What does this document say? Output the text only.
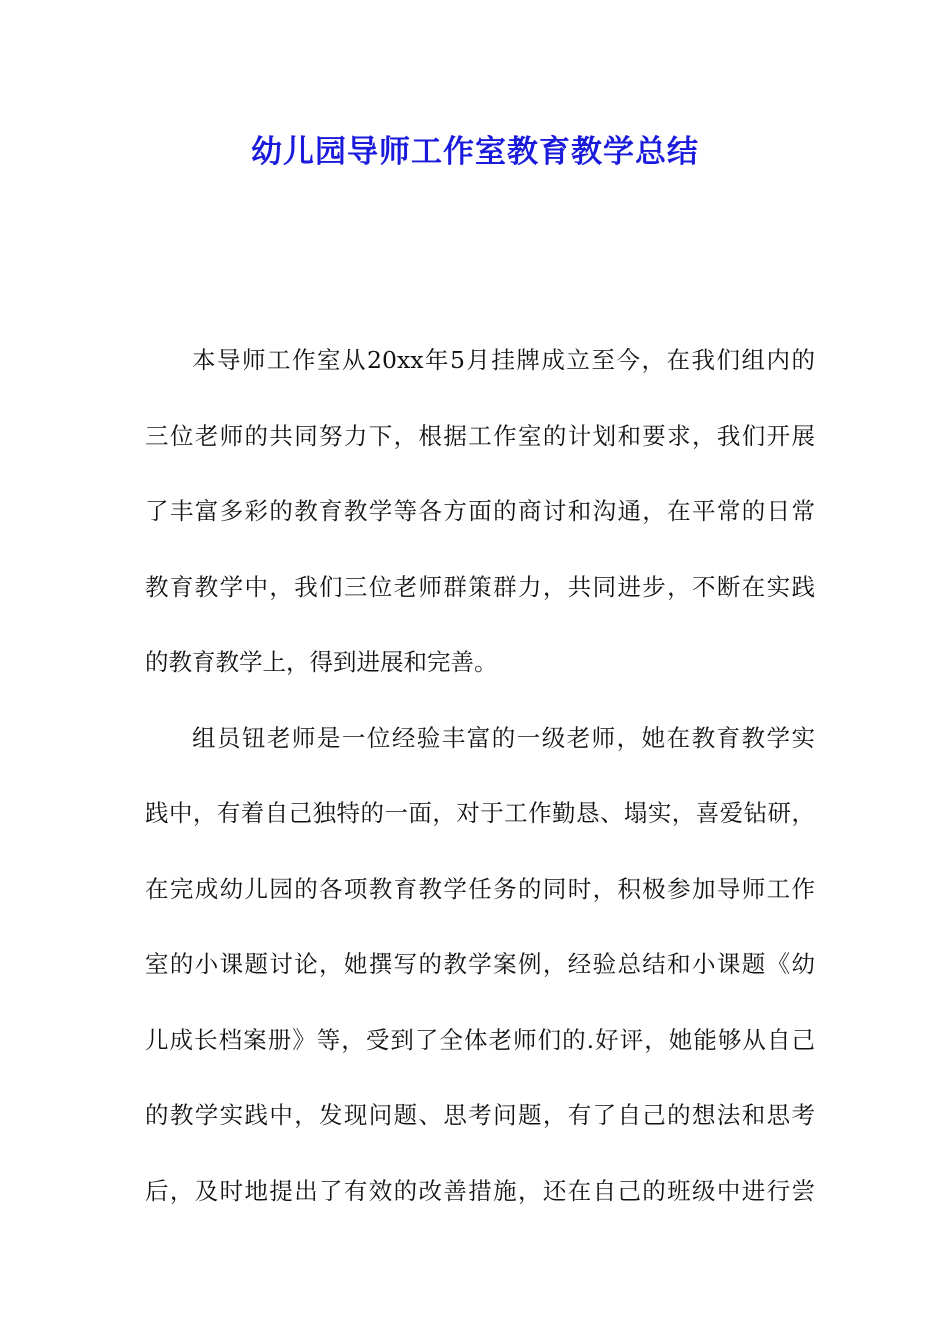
幼儿园导师工作室教育教学总结
本导师工作室从20xx年5月挂牌成立至今，在我们组内的
三位老师的共同努力下，根据工作室的计划和要求，我们开展
了丰富多彩的教育教学等各方面的商讨和沟通，在平常的日常
教育教学中，我们三位老师群策群力，共同进步，不断在实践
的教育教学上，得到进展和完善。
组员钮老师是一位经验丰富的一级老师，她在教育教学实
践中，有着自己独特的一面，对于工作勤恳、塌实，喜爱钻研，
在完成幼儿园的各项教育教学任务的同时，积极参加导师工作
室的小课题讨论，她撰写的教学案例，经验总结和小课题《幼
儿成长档案册》等，受到了全体老师们的.好评，她能够从自己
的教学实践中，发现问题、思考问题，有了自己的想法和思考
后，及时地提出了有效的改善措施，还在自己的班级中进行尝
